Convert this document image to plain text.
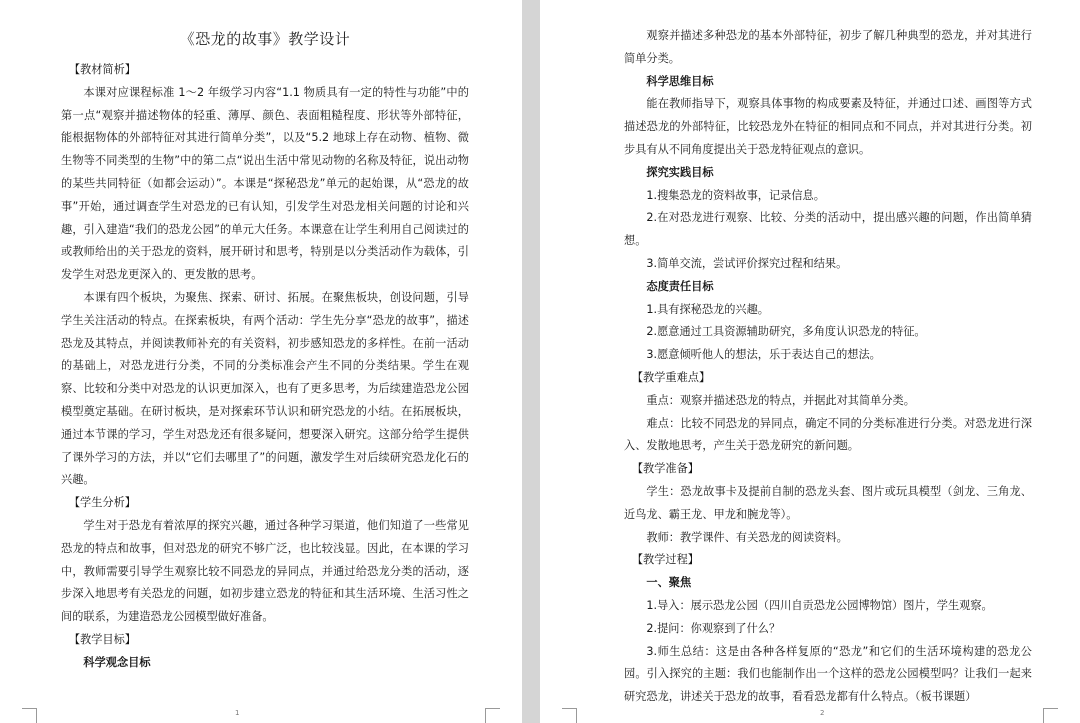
《恐龙的故事》教学设计

【教材简析】

本课对应课程标准 1～2 年级学习内容“1.1 物质具有一定的特性与功能”中的第一点“观察并描述物体的轻重、薄厚、颜色、表面粗糙程度、形状等外部特征，能根据物体的外部特征对其进行简单分类”，以及“5.2 地球上存在动物、植物、微生物等不同类型的生物”中的第二点“说出生活中常见动物的名称及特征，说出动物的某些共同特征（如都会运动）”。本课是“探秘恐龙”单元的起始课，从“恐龙的故事”开始，通过调查学生对恐龙的已有认知，引发学生对恐龙相关问题的讨论和兴趣，引入建造“我们的恐龙公园”的单元大任务。本课意在让学生利用自己阅读过的或教师给出的关于恐龙的资料，展开研讨和思考，特别是以分类活动作为载体，引发学生对恐龙更深入的、更发散的思考。

本课有四个板块，为聚焦、探索、研讨、拓展。在聚焦板块，创设问题，引导学生关注活动的特点。在探索板块，有两个活动：学生先分享“恐龙的故事”，描述恐龙及其特点，并阅读教师补充的有关资料，初步感知恐龙的多样性。在前一活动的基础上，对恐龙进行分类，不同的分类标准会产生不同的分类结果。学生在观察、比较和分类中对恐龙的认识更加深入，也有了更多思考，为后续建造恐龙公园模型奠定基础。在研讨板块，是对探索环节认识和研究恐龙的小结。在拓展板块，通过本节课的学习，学生对恐龙还有很多疑问，想要深入研究。这部分给学生提供了课外学习的方法，并以“它们去哪里了”的问题，激发学生对后续研究恐龙化石的兴趣。

【学生分析】

学生对于恐龙有着浓厚的探究兴趣，通过各种学习渠道，他们知道了一些常见恐龙的特点和故事，但对恐龙的研究不够广泛，也比较浅显。因此，在本课的学习中，教师需要引导学生观察比较不同恐龙的异同点，并通过给恐龙分类的活动，逐步深入地思考有关恐龙的问题，如初步建立恐龙的特征和其生活环境、生活习性之间的联系，为建造恐龙公园模型做好准备。

【教学目标】

科学观念目标

1

观察并描述多种恐龙的基本外部特征，初步了解几种典型的恐龙，并对其进行简单分类。

科学思维目标

能在教师指导下，观察具体事物的构成要素及特征，并通过口述、画图等方式描述恐龙的外部特征，比较恐龙外在特征的相同点和不同点，并对其进行分类。初步具有从不同角度提出关于恐龙特征观点的意识。

探究实践目标

1.搜集恐龙的资料故事，记录信息。

2.在对恐龙进行观察、比较、分类的活动中，提出感兴趣的问题，作出简单猜想。

3.简单交流，尝试评价探究过程和结果。

态度责任目标

1.具有探秘恐龙的兴趣。

2.愿意通过工具资源辅助研究，多角度认识恐龙的特征。

3.愿意倾听他人的想法，乐于表达自己的想法。

【教学重难点】

重点：观察并描述恐龙的特点，并据此对其简单分类。

难点：比较不同恐龙的异同点，确定不同的分类标准进行分类。对恐龙进行深入、发散地思考，产生关于恐龙研究的新问题。

【教学准备】

学生：恐龙故事卡及提前自制的恐龙头套、图片或玩具模型（剑龙、三角龙、近鸟龙、霸王龙、甲龙和腕龙等）。

教师：教学课件、有关恐龙的阅读资料。

【教学过程】

一、聚焦

1.导入：展示恐龙公园（四川自贡恐龙公园博物馆）图片，学生观察。

2.提问：你观察到了什么？

3.师生总结：这是由各种各样复原的“恐龙”和它们的生活环境构建的恐龙公园。引入探究的主题：我们也能制作出一个这样的恐龙公园模型吗？让我们一起来研究恐龙，讲述关于恐龙的故事，看看恐龙都有什么特点。（板书课题）

2
